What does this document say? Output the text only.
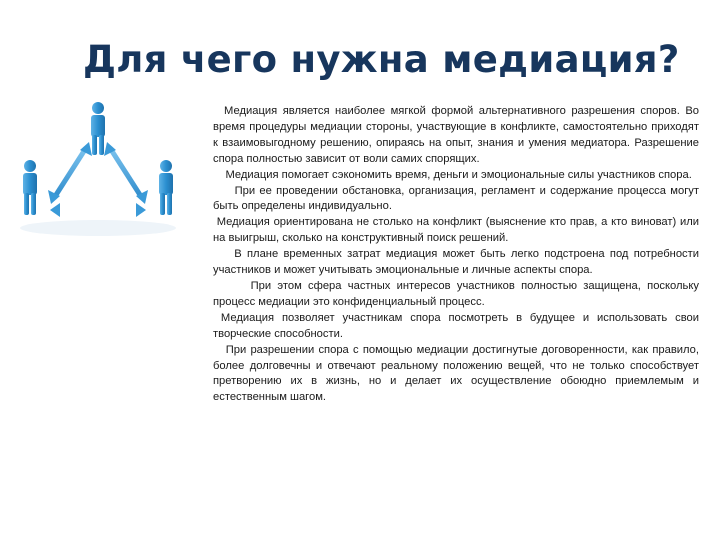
Для чего нужна медиация?

Медиация является наиболее мягкой формой альтернативного разрешения споров. Во время процедуры медиации стороны, участвующие в конфликте, самостоятельно приходят к взаимовыгодному решению, опираясь на опыт, знания и умения медиатора. Разрешение спора полностью зависит от воли самих спорящих.

Медиация помогает сэкономить время, деньги и эмоциональные силы участников спора.

При ее проведении обстановка, организация, регламент и содержание процесса могут быть определены индивидуально.

Медиация ориентирована не столько на конфликт (выяснение кто прав, а кто виноват) или на выигрыш, сколько на конструктивный поиск решений.

В плане временных затрат медиация может быть легко подстроена под потребности участников и может учитывать эмоциональные и личные аспекты спора.

При этом сфера частных интересов участников полностью защищена, поскольку процесс медиации это конфиденциальный процесс.

Медиация позволяет участникам спора посмотреть в будущее и использовать свои творческие способности.

При разрешении спора с помощью медиации достигнутые договоренности, как правило, более долговечны и отвечают реальному положению вещей, что не только способствует претворению их в жизнь, но и делает их осуществление обоюдно приемлемым и естественным шагом.
